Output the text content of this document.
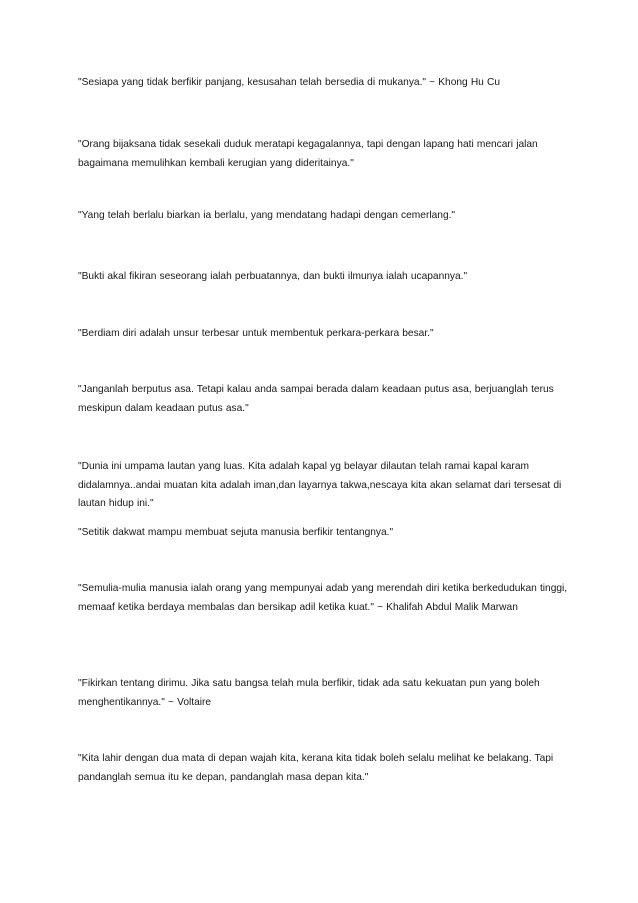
"Sesiapa yang tidak berfikir panjang, kesusahan telah bersedia di mukanya." ~ Khong Hu Cu

"Orang bijaksana tidak sesekali duduk meratapi kegagalannya, tapi dengan lapang hati mencari jalan bagaimana memulihkan kembali kerugian yang dideritainya."

"Yang telah berlalu biarkan ia berlalu, yang mendatang hadapi dengan cemerlang."

"Bukti akal fikiran seseorang ialah perbuatannya, dan bukti ilmunya ialah ucapannya."

"Berdiam diri adalah unsur terbesar untuk membentuk perkara-perkara besar."

"Janganlah berputus asa. Tetapi kalau anda sampai berada dalam keadaan putus asa, berjuanglah terus meskipun dalam keadaan putus asa."

"Dunia ini umpama lautan yang luas. Kita adalah kapal yg belayar dilautan telah ramai kapal karam didalamnya..andai muatan kita adalah iman,dan layarnya takwa,nescaya kita akan selamat dari tersesat di lautan hidup ini."

"Setitik dakwat mampu membuat sejuta manusia berfikir tentangnya."

"Semulia-mulia manusia ialah orang yang mempunyai adab yang merendah diri ketika berkedudukan tinggi, memaaf ketika berdaya membalas dan bersikap adil ketika kuat." ~ Khalifah Abdul Malik Marwan

"Fikirkan tentang dirimu. Jika satu bangsa telah mula berfikir, tidak ada satu kekuatan pun yang boleh menghentikannya." ~ Voltaire

"Kita lahir dengan dua mata di depan wajah kita, kerana kita tidak boleh selalu melihat ke belakang. Tapi pandanglah semua itu ke depan, pandanglah masa depan kita."
